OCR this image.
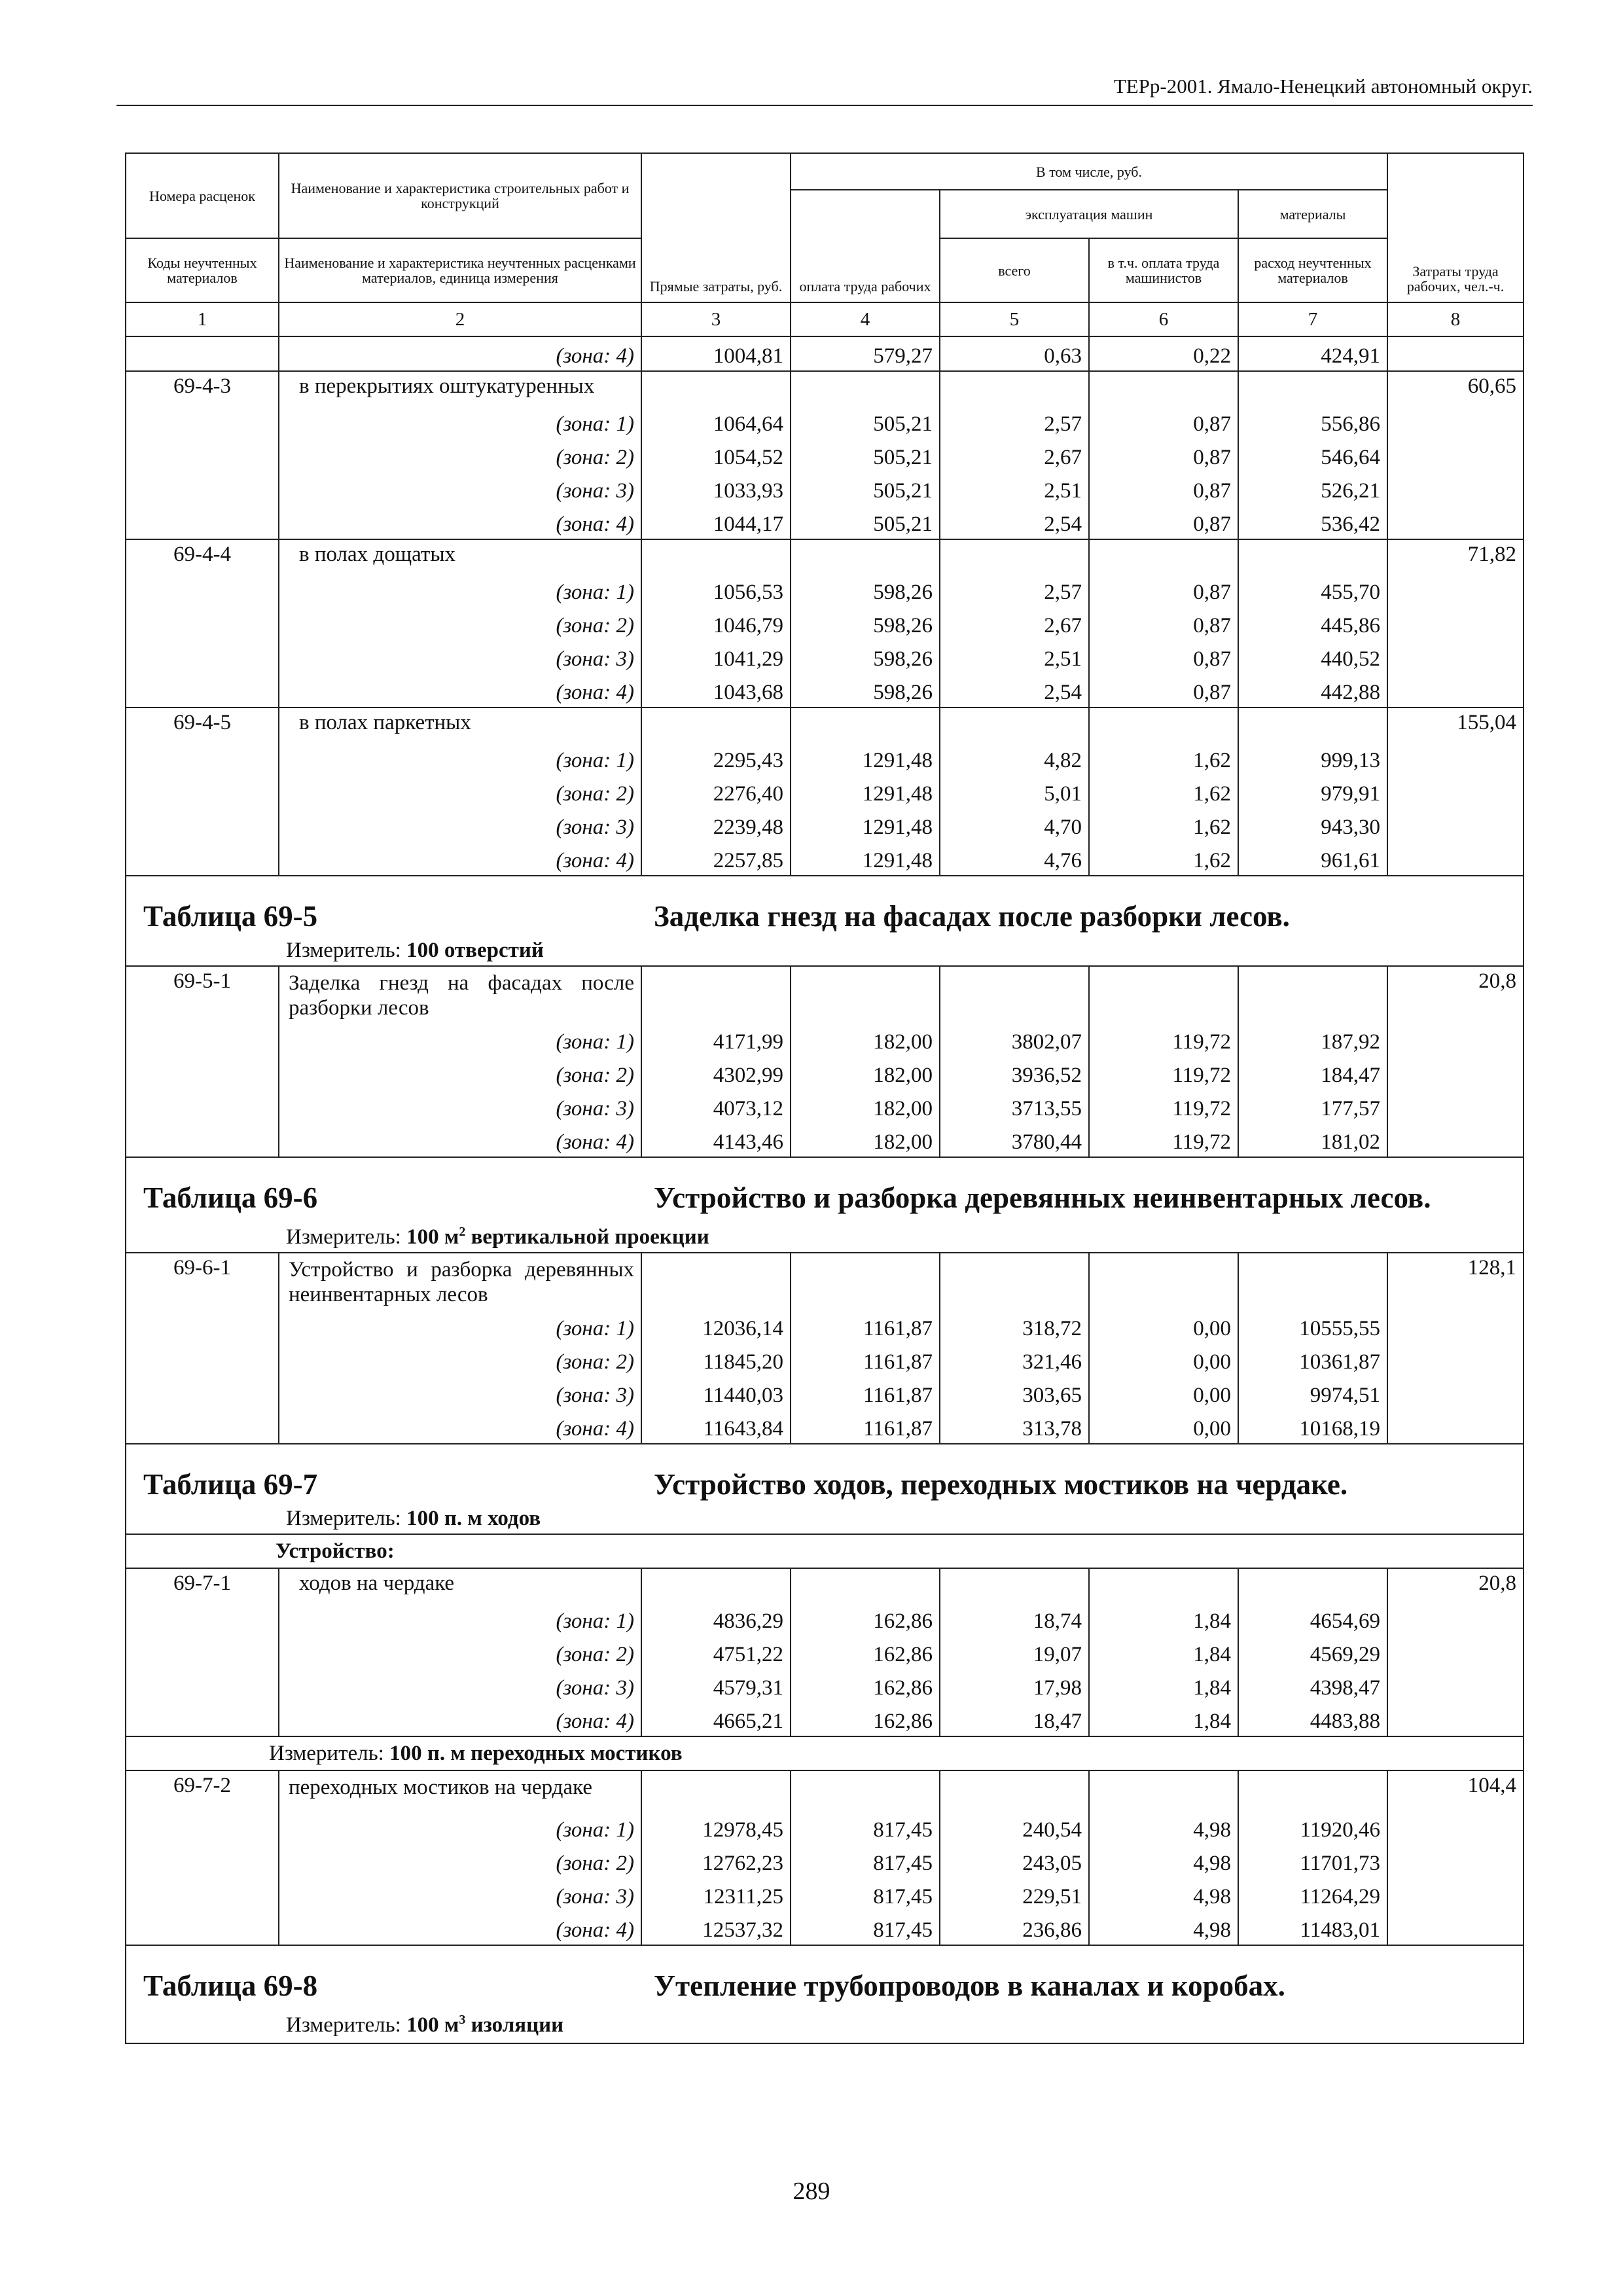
ТЕРр-2001. Ямало-Ненецкий автономный округ.
Номера расценок	Наименование и характеристика строительных работ и конструкций	Прямые затраты, руб.	В том числе, руб.				Затраты труда рабочих, чел.-ч.
			оплата труда рабочих	эксплуатация машин		материалы	
Коды неучтенных материалов	Наименование и характеристика неучтенных расценками материалов, единица измерения			всего	в т.ч. оплата труда машинистов	расход неучтенных материалов	
1	2	3	4	5	6	7	8
	(зона: 4)	1004,81	579,27	0,63	0,22	424,91	
69-4-3	в перекрытиях оштукатуренных						60,65
	(зона: 1)	1064,64	505,21	2,57	0,87	556,86	
	(зона: 2)	1054,52	505,21	2,67	0,87	546,64	
	(зона: 3)	1033,93	505,21	2,51	0,87	526,21	
	(зона: 4)	1044,17	505,21	2,54	0,87	536,42	
69-4-4	в полах дощатых						71,82
	(зона: 1)	1056,53	598,26	2,57	0,87	455,70	
	(зона: 2)	1046,79	598,26	2,67	0,87	445,86	
	(зона: 3)	1041,29	598,26	2,51	0,87	440,52	
	(зона: 4)	1043,68	598,26	2,54	0,87	442,88	
69-4-5	в полах паркетных						155,04
	(зона: 1)	2295,43	1291,48	4,82	1,62	999,13	
	(зона: 2)	2276,40	1291,48	5,01	1,62	979,91	
	(зона: 3)	2239,48	1291,48	4,70	1,62	943,30	
	(зона: 4)	2257,85	1291,48	4,76	1,62	961,61	

Таблица 69-5 Заделка гнезд на фасадах после разборки лесов.
Измеритель: 100 отверстий							

69-5-1	Заделка гнезд на фасадах после разборки лесов						20,8
	(зона: 1)	4171,99	182,00	3802,07	119,72	187,92	
	(зона: 2)	4302,99	182,00	3936,52	119,72	184,47	
	(зона: 3)	4073,12	182,00	3713,55	119,72	177,57	
	(зона: 4)	4143,46	182,00	3780,44	119,72	181,02	

Таблица 69-6 Устройство и разборка деревянных неинвентарных лесов.
Измеритель: 100 $м^2$ вертикальной проекции							

69-6-1	Устройство и разборка деревянных неинвентарных лесов						128,1
	(зона: 1)	12036,14	1161,87	318,72	0,00	10555,55	
	(зона: 2)	11845,20	1161,87	321,46	0,00	10361,87	
	(зона: 3)	11440,03	1161,87	303,65	0,00	9974,51	
	(зона: 4)	11643,84	1161,87	313,78	0,00	10168,19	

Таблица 69-7 Устройство ходов, переходных мостиков на чердаке.
Измеритель: 100 п. м ходов							

Устройство:							
69-7-1	ходов на чердаке						20,8
	(зона: 1)	4836,29	162,86	18,74	1,84	4654,69	
	(зона: 2)	4751,22	162,86	19,07	1,84	4569,29	
	(зона: 3)	4579,31	162,86	17,98	1,84	4398,47	
	(зона: 4)	4665,21	162,86	18,47	1,84	4483,88	
Измеритель: 100 п. м переходных мостиков							
69-7-2	переходных мостиков на чердаке						104,4
	(зона: 1)	12978,45	817,45	240,54	4,98	11920,46	
	(зона: 2)	12762,23	817,45	243,05	4,98	11701,73	
	(зона: 3)	12311,25	817,45	229,51	4,98	11264,29	
	(зона: 4)	12537,32	817,45	236,86	4,98	11483,01	

Таблица 69-8 Утепление трубопроводов в каналах и коробах.
Измеритель: 100 $м^3$ изоляции							
289
